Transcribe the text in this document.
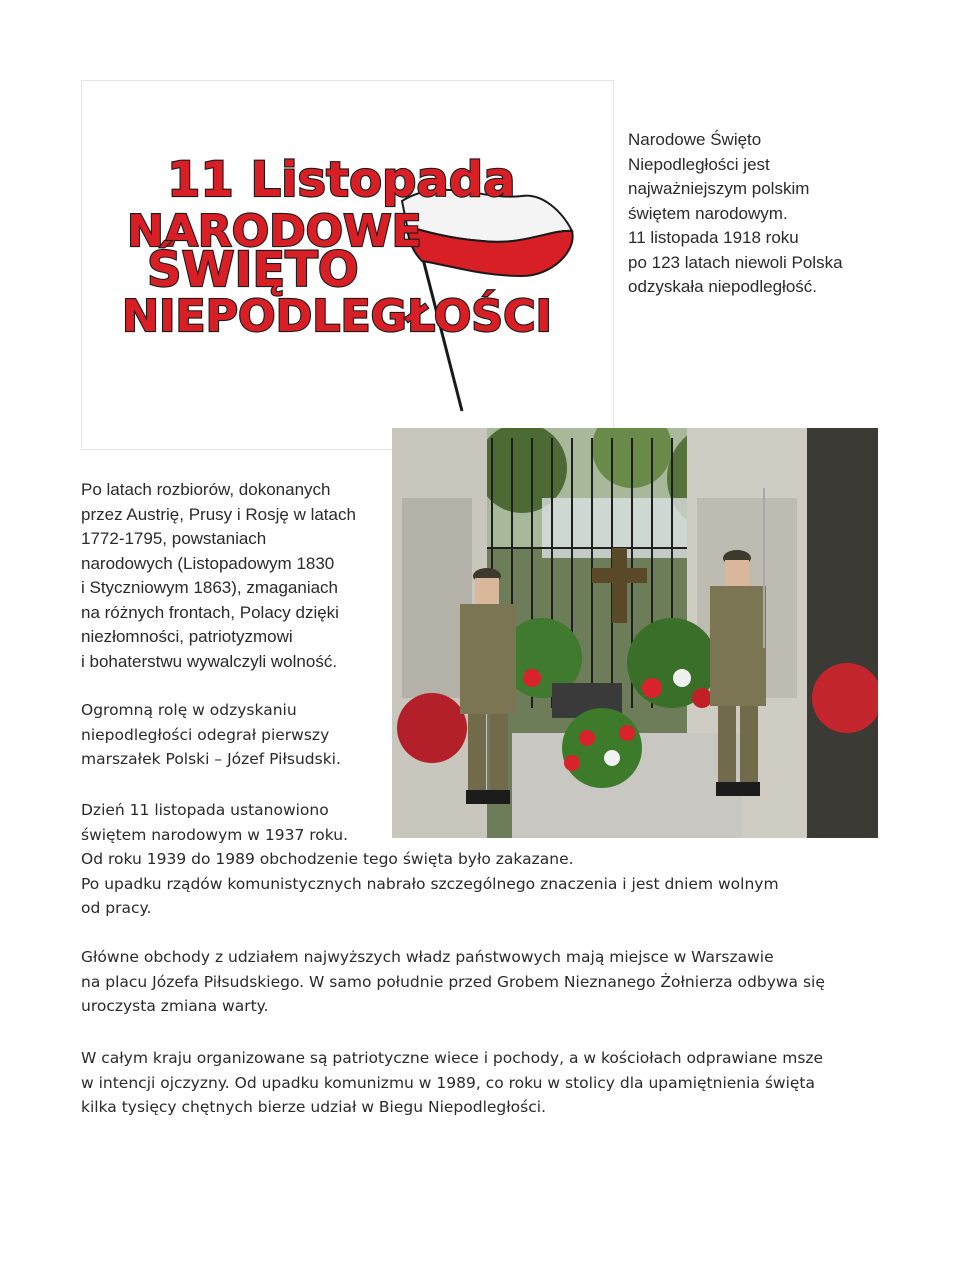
11 Listopada
NARODOWE
ŚWIĘTO
NIEPODLEGŁOŚCI
Narodowe Święto
Niepodległości jest
najważniejszym polskim
świętem narodowym.
11 listopada 1918 roku
po 123 latach niewoli Polska
odzyskała niepodległość.
Po latach rozbiorów, dokonanych
przez Austrię, Prusy i Rosję w latach
1772-1795, powstaniach
narodowych (Listopadowym 1830
i Styczniowym 1863), zmaganiach
na różnych frontach, Polacy dzięki
niezłomności, patriotyzmowi
i bohaterstwu wywalczyli wolność.
Ogromną rolę w odzyskaniu
niepodległości odegrał pierwszy
marszałek Polski – Józef Piłsudski.
Dzień 11 listopada ustanowiono
świętem narodowym w 1937 roku.
Od roku 1939 do 1989 obchodzenie tego święta było zakazane.
Po upadku rządów komunistycznych nabrało szczególnego znaczenia i jest dniem wolnym
od pracy.
Główne obchody z udziałem najwyższych władz państwowych mają miejsce w Warszawie
na placu Józefa Piłsudskiego. W samo południe przed Grobem Nieznanego Żołnierza odbywa się
uroczysta zmiana warty.
W całym kraju organizowane są patriotyczne wiece i pochody, a w kościołach odprawiane msze
w intencji ojczyzny. Od upadku komunizmu w 1989, co roku w stolicy dla upamiętnienia święta
kilka tysięcy chętnych bierze udział w Biegu Niepodległości.
